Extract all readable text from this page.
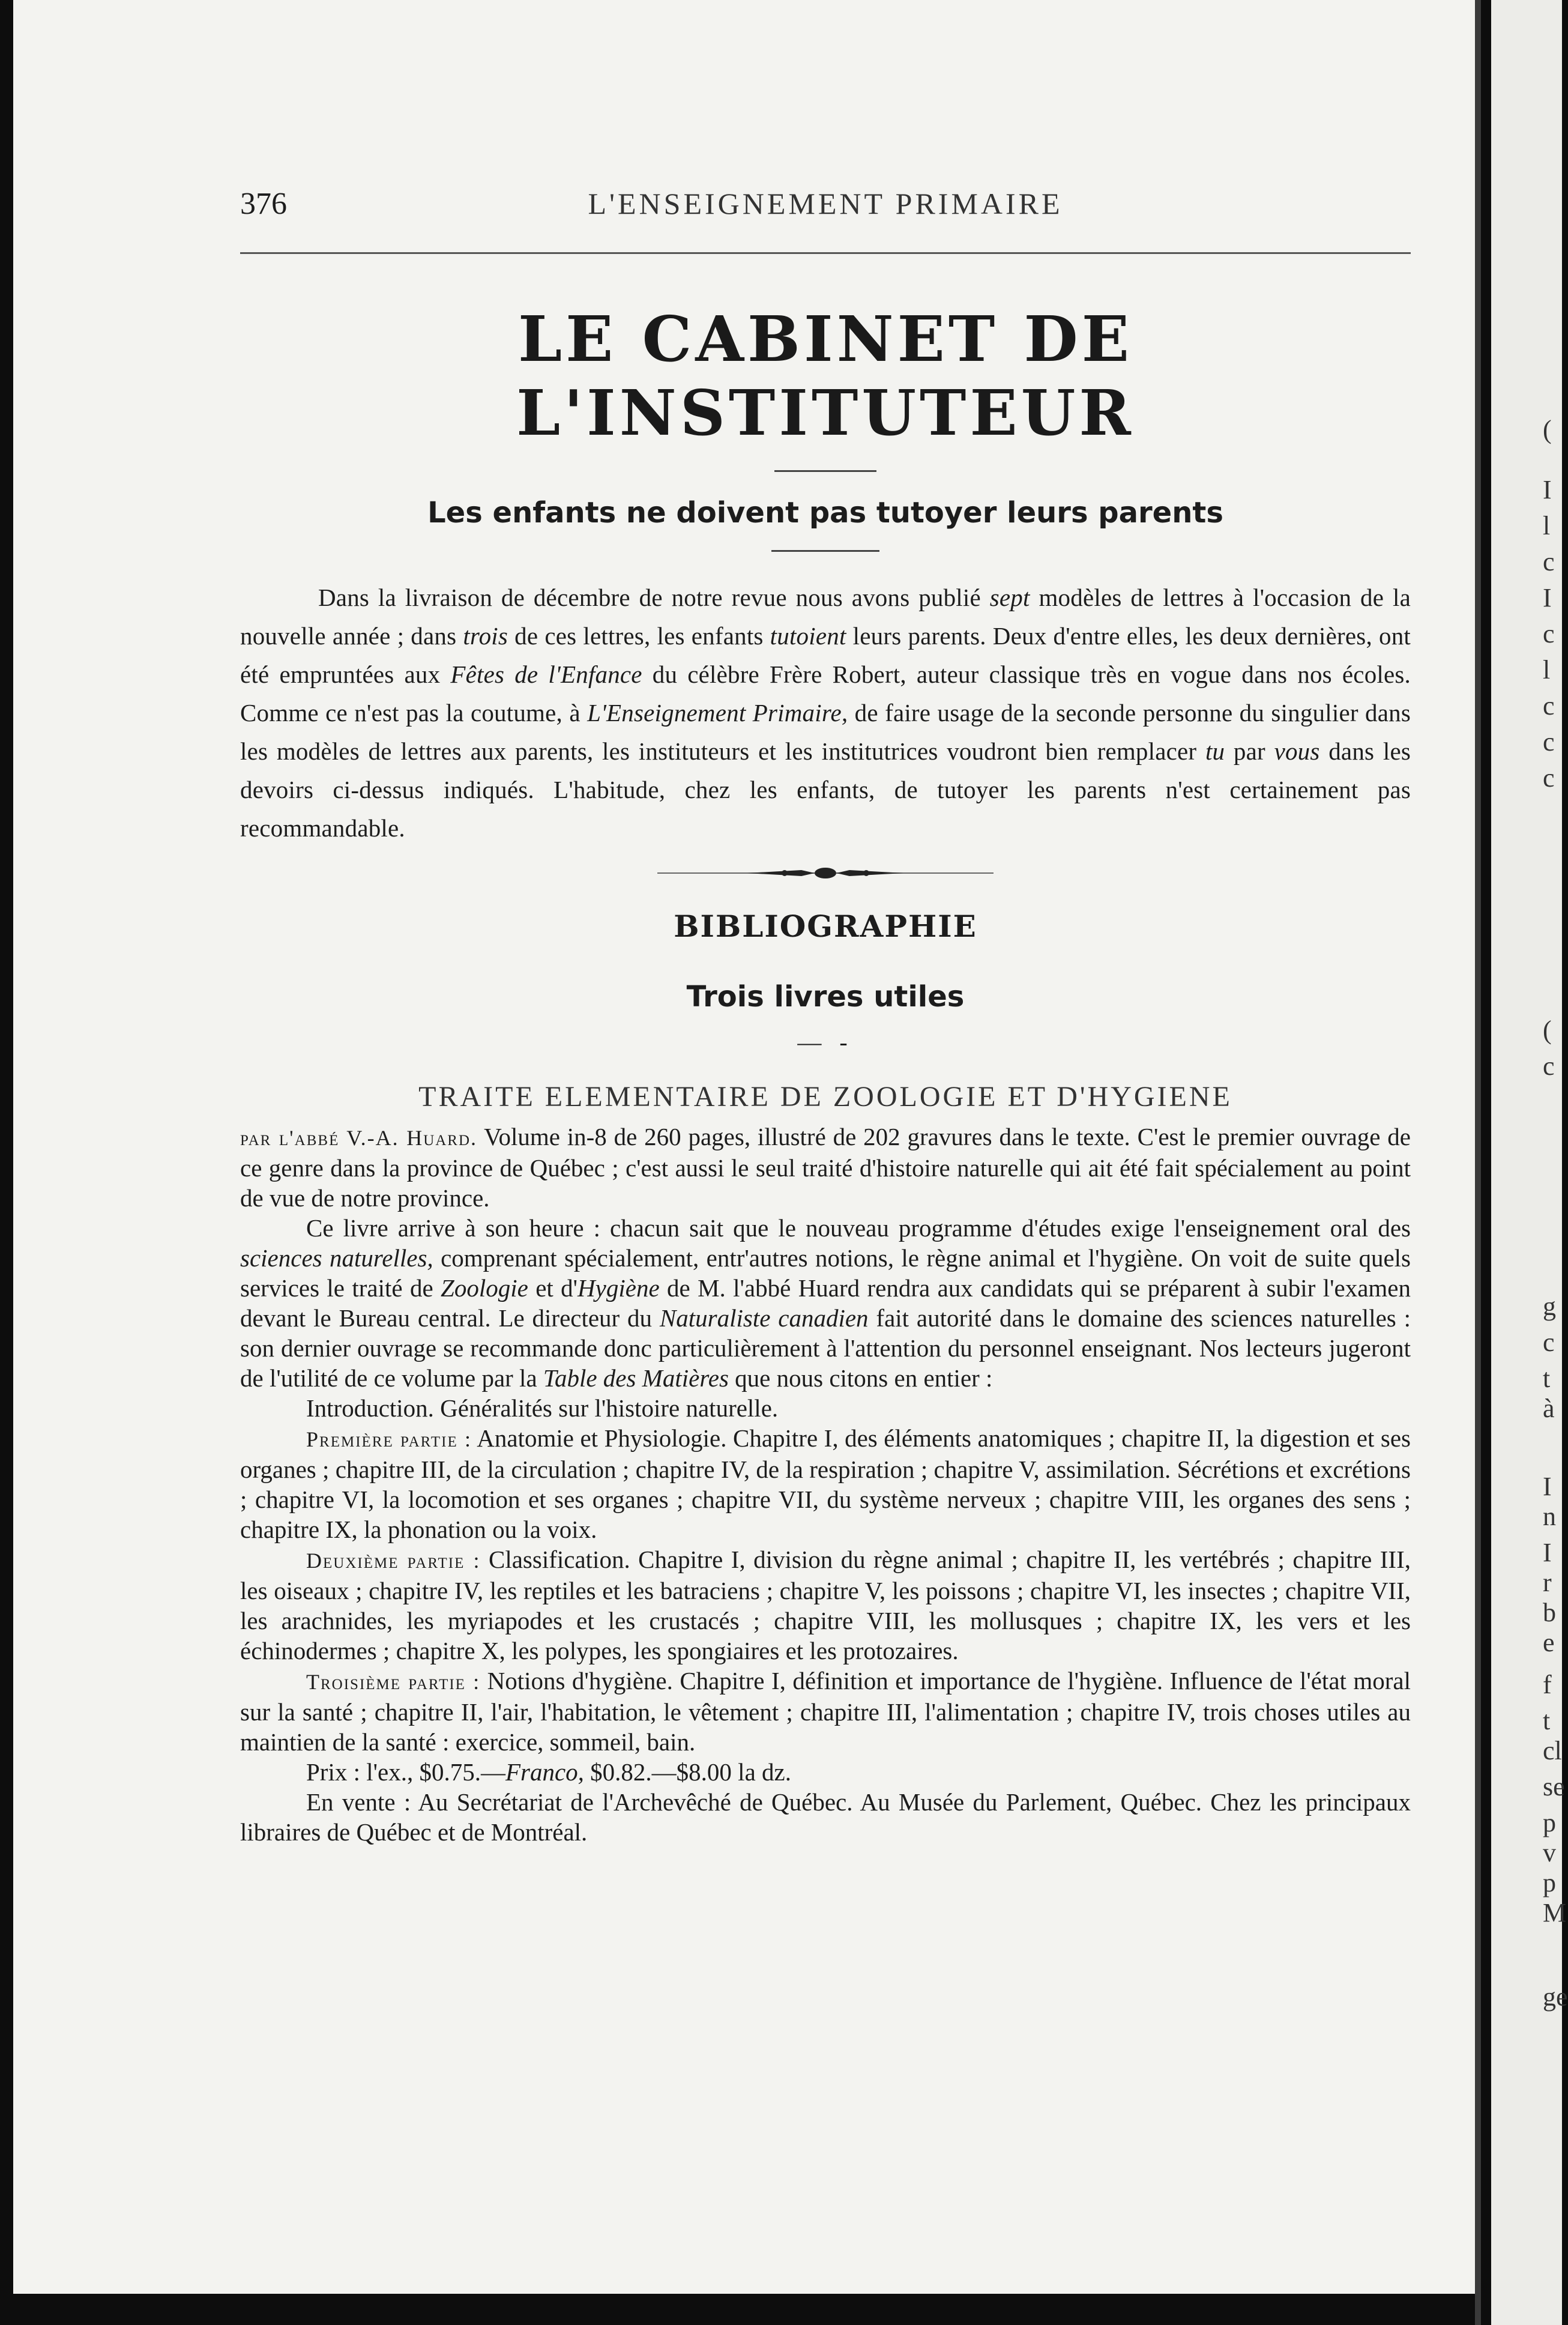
(
I
l
c
I
c
l
c
c
c
(
c
g
c
t
à
I
n
I
r
b
e
f
t
cl
se
p
v
p
M
ge
376	L'ENSEIGNEMENT PRIMAIRE
LE CABINET DE L'INSTITUTEUR
Les enfants ne doivent pas tutoyer leurs parents

Dans la livraison de décembre de notre revue nous avons publié sept modèles de lettres à l'occasion de la nouvelle année ; dans trois de ces lettres, les enfants tutoient leurs parents. Deux d'entre elles, les deux dernières, ont été empruntées aux Fêtes de l'Enfance du célèbre Frère Robert, auteur classique très en vogue dans nos écoles. Comme ce n'est pas la coutume, à L'Enseignement Primaire, de faire usage de la seconde personne du singulier dans les modèles de lettres aux parents, les instituteurs et les institutrices voudront bien remplacer tu par vous dans les devoirs ci-dessus indiqués. L'habitude, chez les enfants, de tutoyer les parents n'est certainement pas recommandable.

BIBLIOGRAPHIE
Trois livres utiles
— -
TRAITE ELEMENTAIRE DE ZOOLOGIE ET D'HYGIENE

par l'abbé V.-A. Huard. Volume in-8 de 260 pages, illustré de 202 gravures dans le texte. C'est le premier ouvrage de ce genre dans la province de Québec ; c'est aussi le seul traité d'histoire naturelle qui ait été fait spécialement au point de vue de notre province.

Ce livre arrive à son heure : chacun sait que le nouveau programme d'études exige l'enseignement oral des sciences naturelles, comprenant spécialement, entr'autres notions, le règne animal et l'hygiène. On voit de suite quels services le traité de Zoologie et d'Hygiène de M. l'abbé Huard rendra aux candidats qui se préparent à subir l'examen devant le Bureau central. Le directeur du Naturaliste canadien fait autorité dans le domaine des sciences naturelles : son dernier ouvrage se recommande donc particulièrement à l'attention du personnel enseignant. Nos lecteurs jugeront de l'utilité de ce volume par la Table des Matières que nous citons en entier :

Introduction. Généralités sur l'histoire naturelle.

Première partie : Anatomie et Physiologie. Chapitre I, des éléments anatomiques ; chapitre II, la digestion et ses organes ; chapitre III, de la circulation ; chapitre IV, de la respiration ; chapitre V, assimilation. Sécrétions et excrétions ; chapitre VI, la locomotion et ses organes ; chapitre VII, du système nerveux ; chapitre VIII, les organes des sens ; chapitre IX, la phonation ou la voix.

Deuxième partie : Classification. Chapitre I, division du règne animal ; chapitre II, les vertébrés ; chapitre III, les oiseaux ; chapitre IV, les reptiles et les batraciens ; chapitre V, les poissons ; chapitre VI, les insectes ; chapitre VII, les arachnides, les myriapodes et les crustacés ; chapitre VIII, les mollusques ; chapitre IX, les vers et les échinodermes ; chapitre X, les polypes, les spongiaires et les protozaires.

Troisième partie : Notions d'hygiène. Chapitre I, définition et importance de l'hygiène. Influence de l'état moral sur la santé ; chapitre II, l'air, l'habitation, le vêtement ; chapitre III, l'alimentation ; chapitre IV, trois choses utiles au maintien de la santé : exercice, sommeil, bain.

Prix : l'ex., $0.75.—Franco, $0.82.—$8.00 la dz.

En vente : Au Secrétariat de l'Archevêché de Québec. Au Musée du Parlement, Québec. Chez les principaux libraires de Québec et de Montréal.
